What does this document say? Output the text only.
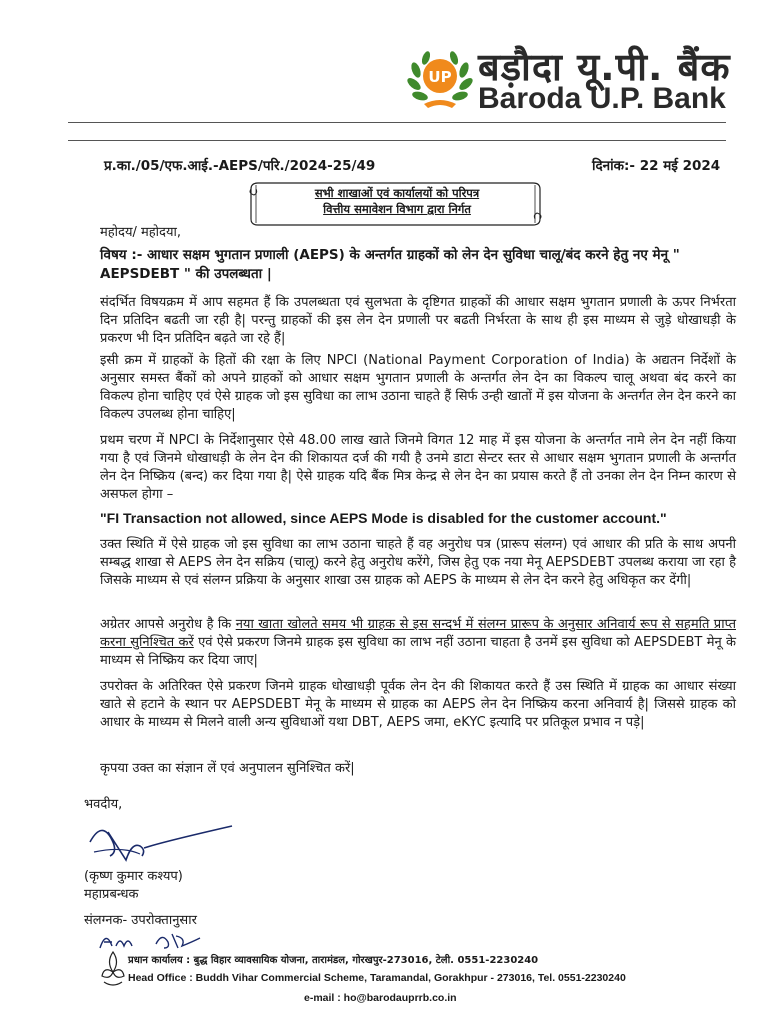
UP बड़ौदा यू.पी. बैंक
Baroda U.P. Bank
प्र.का./05/एफ.आई.-AEPS/परि./2024-25/49	दिनांक:- 22 मई 2024
सभी शाखाओं एवं कार्यालयों को परिपत्र
वित्तीय समावेशन विभाग द्वारा निर्गत
महोदय/ महोदया,
विषय :- आधार सक्षम भुगतान प्रणाली (AEPS) के अन्तर्गत ग्राहकों को लेन देन सुविधा चालू/बंद करने हेतु नए मेनू " AEPSDEBT " की उपलब्धता |
संदर्भित विषयक्रम में आप सहमत हैं कि उपलब्धता एवं सुलभता के दृष्टिगत ग्राहकों की आधार सक्षम भुगतान प्रणाली के ऊपर निर्भरता दिन प्रतिदिन बढती जा रही है| परन्तु ग्राहकों की इस लेन देन प्रणाली पर बढती निर्भरता के साथ ही इस माध्यम से जुड़े धोखाधड़ी के प्रकरण भी दिन प्रतिदिन बढ़ते जा रहे हैं|
इसी क्रम में ग्राहकों के हितों की रक्षा के लिए NPCI (National Payment Corporation of India) के अद्यतन निर्देशों के अनुसार समस्त बैंकों को अपने ग्राहकों को आधार सक्षम भुगतान प्रणाली के अन्तर्गत लेन देन का विकल्प चालू अथवा बंद करने का विकल्प होना चाहिए एवं ऐसे ग्राहक जो इस सुविधा का लाभ उठाना चाहते हैं सिर्फ उन्ही खातों में इस योजना के अन्तर्गत लेन देन करने का विकल्प उपलब्ध होना चाहिए|
प्रथम चरण में NPCI के निर्देशानुसार ऐसे 48.00 लाख खाते जिनमे विगत 12 माह में इस योजना के अन्तर्गत नामे लेन देन नहीं किया गया है एवं जिनमे धोखाधड़ी के लेन देन की शिकायत दर्ज की गयी है उनमे डाटा सेन्टर स्तर से आधार सक्षम भुगतान प्रणाली के अन्तर्गत लेन देन निष्क्रिय (बन्द) कर दिया गया है| ऐसे ग्राहक यदि बैंक मित्र केन्द्र से लेन देन का प्रयास करते हैं तो उनका लेन देन निम्न कारण से असफल होगा –
"FI Transaction not allowed, since AEPS Mode is disabled for the customer account."
उक्त स्थिति में ऐसे ग्राहक जो इस सुविधा का लाभ उठाना चाहते हैं वह अनुरोध पत्र (प्रारूप संलग्न) एवं आधार की प्रति के साथ अपनी सम्बद्ध शाखा से AEPS लेन देन सक्रिय (चालू) करने हेतु अनुरोध करेंगे, जिस हेतु एक नया मेनू AEPSDEBT उपलब्ध कराया जा रहा है जिसके माध्यम से एवं संलग्न प्रक्रिया के अनुसार शाखा उस ग्राहक को AEPS के माध्यम से लेन देन करने हेतु अधिकृत कर देंगी|
अग्रेतर आपसे अनुरोध है कि नया खाता खोलते समय भी ग्राहक से इस सन्दर्भ में संलग्न प्रारूप के अनुसार अनिवार्य रूप से सहमति प्राप्त करना सुनिश्चित करें एवं ऐसे प्रकरण जिनमे ग्राहक इस सुविधा का लाभ नहीं उठाना चाहता है उनमें इस सुविधा को AEPSDEBT मेनू के माध्यम से निष्क्रिय कर दिया जाए|
उपरोक्त के अतिरिक्त ऐसे प्रकरण जिनमे ग्राहक धोखाधड़ी पूर्वक लेन देन की शिकायत करते हैं उस स्थिति में ग्राहक का आधार संख्या खाते से हटाने के स्थान पर AEPSDEBT मेनू के माध्यम से ग्राहक का AEPS लेन देन निष्क्रिय करना अनिवार्य है| जिससे ग्राहक को आधार के माध्यम से मिलने वाली अन्य सुविधाओं यथा DBT, AEPS जमा, eKYC इत्यादि पर प्रतिकूल प्रभाव न पड़े|
कृपया उक्त का संज्ञान लें एवं अनुपालन सुनिश्चित करें|
भवदीय,
(कृष्ण कुमार कश्यप)
महाप्रबन्धक
संलग्नक- उपरोक्तानुसार
प्रधान कार्यालय : बुद्ध विहार व्यावसायिक योजना, तारामंडल, गोरखपुर-273016, टेली. 0551-2230240
Head Office : Buddh Vihar Commercial Scheme, Taramandal, Gorakhpur - 273016, Tel. 0551-2230240
e-mail : ho@barodauprrb.co.in
